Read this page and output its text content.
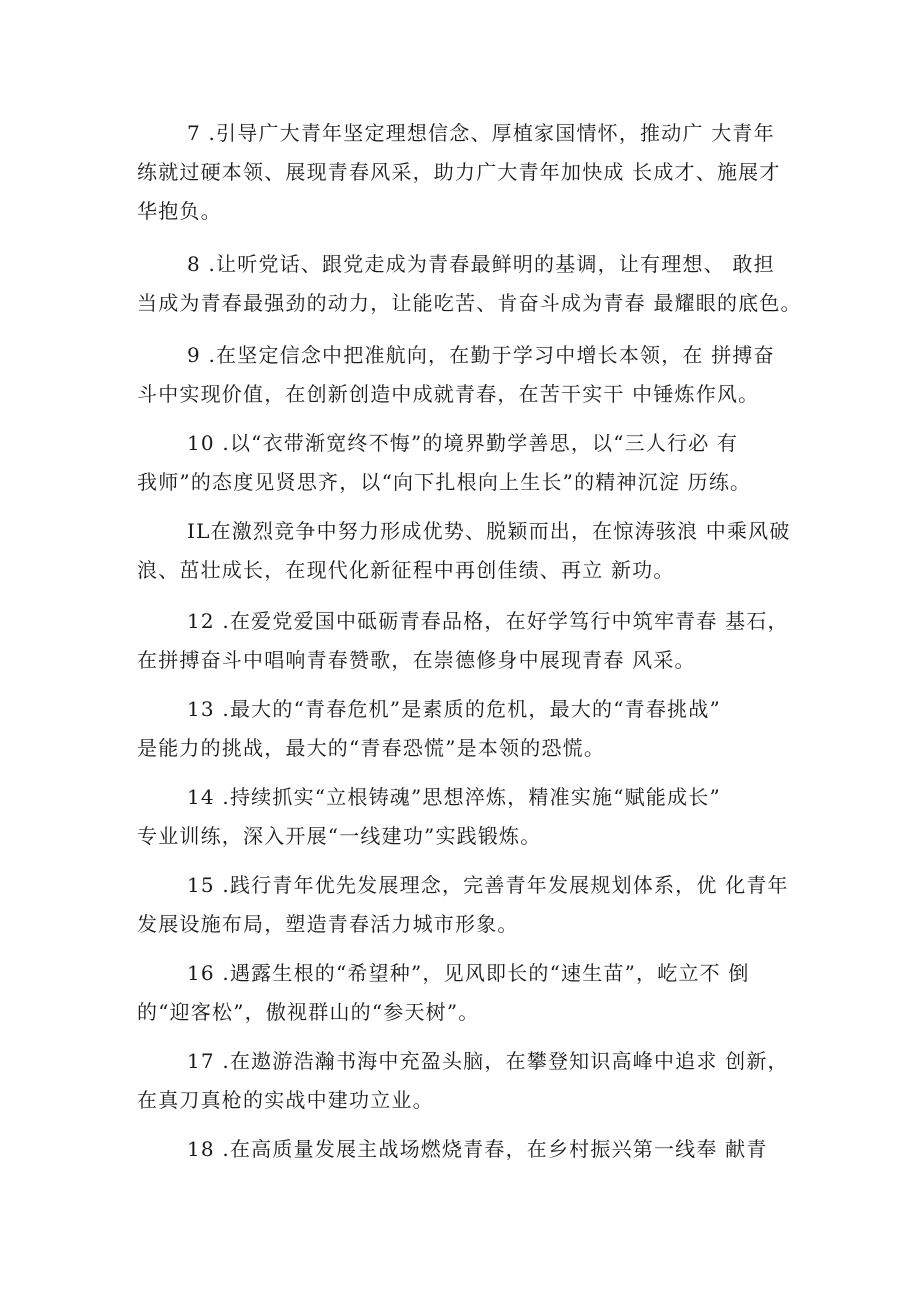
7 .引导广大青年坚定理想信念、厚植家国情怀，推动广 大青年
练就过硬本领、展现青春风采，助力广大青年加快成 长成才、施展才
华抱负。
8 .让听党话、跟党走成为青春最鲜明的基调，让有理想、 敢担
当成为青春最强劲的动力，让能吃苦、肯奋斗成为青春 最耀眼的底色。
9 .在坚定信念中把准航向，在勤于学习中增长本领，在 拼搏奋
斗中实现价值，在创新创造中成就青春，在苦干实干 中锤炼作风。
10 .以“衣带渐宽终不悔”的境界勤学善思，以“三人行必 有
我师”的态度见贤思齐，以“向下扎根向上生长”的精神沉淀 历练。
IL在激烈竞争中努力形成优势、脱颖而出，在惊涛骇浪 中乘风破
浪、茁壮成长，在现代化新征程中再创佳绩、再立 新功。
12 .在爱党爱国中砥砺青春品格，在好学笃行中筑牢青春 基石，
在拼搏奋斗中唱响青春赞歌，在崇德修身中展现青春 风采。
13 .最大的“青春危机”是素质的危机，最大的“青春挑战”
是能力的挑战，最大的“青春恐慌”是本领的恐慌。
14 .持续抓实“立根铸魂”思想淬炼，精准实施“赋能成长”
专业训练，深入开展“一线建功”实践锻炼。
15 .践行青年优先发展理念，完善青年发展规划体系，优 化青年
发展设施布局，塑造青春活力城市形象。
16 .遇露生根的“希望种”，见风即长的“速生苗”，屹立不 倒
的“迎客松”，傲视群山的“参天树”。
17 .在遨游浩瀚书海中充盈头脑，在攀登知识高峰中追求 创新，
在真刀真枪的实战中建功立业。
18 .在高质量发展主战场燃烧青春，在乡村振兴第一线奉 献青
